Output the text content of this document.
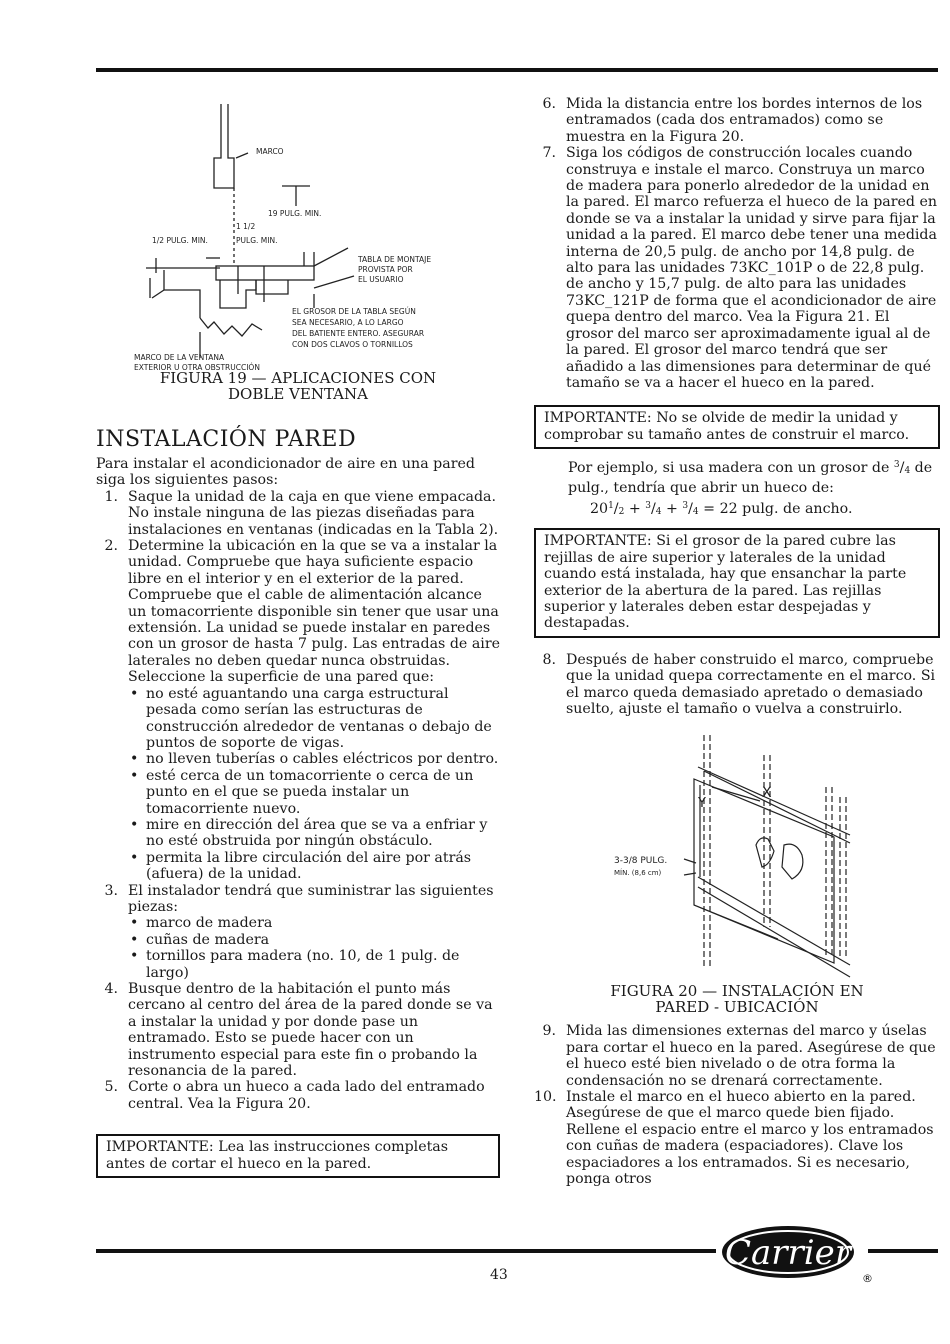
MARCO
19 PULG. MIN.
1 1/2
1/2 PULG. MIN.	PULG. MIN.
TABLA DE MONTAJE
PROVISTA POR
EL USUARIO
EL GROSOR DE LA TABLA SEGÚN
SEA NECESARIO, A LO LARGO
DEL BATIENTE ENTERO. ASEGURAR
CON DOS CLAVOS O TORNILLOS
MARCO DE LA VENTANA
EXTERIOR U OTRA OBSTRUCCIÓN
FIGURA 19 — APLICACIONES CON
DOBLE VENTANA
INSTALACIÓN PARED

Para instalar el acondicionador de aire en una pared siga los siguientes pasos:

1. Saque la unidad de la caja en que viene empacada. No instale ninguna de las piezas diseñadas para instalaciones en ventanas (indicadas en la Tabla 2).
2. Determine la ubicación en la que se va a instalar la unidad. Compruebe que haya suficiente espacio libre en el interior y en el exterior de la pared. Compruebe que el cable de alimentación alcance un tomacorriente disponible sin tener que usar una extensión. La unidad se puede instalar en paredes con un grosor de hasta 7 pulg. Las entradas de aire laterales no deben quedar nunca obstruidas. Seleccione la superficie de una pared que:
• no esté aguantando una carga estructural pesada como serían las estructuras de construcción alrededor de ventanas o debajo de puntos de soporte de vigas.
• no lleven tuberías o cables eléctricos por dentro.
• esté cerca de un tomacorriente o cerca de un punto en el que se pueda instalar un tomacorriente nuevo.
• mire en dirección del área que se va a enfriar y no esté obstruida por ningún obstáculo.
• permita la libre circulación del aire por atrás (afuera) de la unidad.
3. El instalador tendrá que suministrar las siguientes piezas:
• marco de madera
• cuñas de madera
• tornillos para madera (no. 10, de 1 pulg. de largo)
4. Busque dentro de la habitación el punto más cercano al centro del área de la pared donde se va a instalar la unidad y por donde pase un entramado. Esto se puede hacer con un instrumento especial para este fin o probando la resonancia de la pared.
5. Corte o abra un hueco a cada lado del entramado central. Vea la Figura 20.
IMPORTANTE: Lea las instrucciones completas antes de cortar el hueco en la pared.
6. Mida la distancia entre los bordes internos de los entramados (cada dos entramados) como se muestra en la Figura 20.
7. Siga los códigos de construcción locales cuando construya e instale el marco. Construya un marco de madera para ponerlo alrededor de la unidad en la pared. El marco refuerza el hueco de la pared en donde se va a instalar la unidad y sirve para fijar la unidad a la pared. El marco debe tener una medida interna de 20,5 pulg. de ancho por 14,8 pulg. de alto para las unidades 73KC_101P o de 22,8 pulg. de ancho y 15,7 pulg. de alto para las unidades 73KC_121P de forma que el acondicionador de aire quepa dentro del marco. Vea la Figura 21. El grosor del marco ser aproximadamente igual al de la pared. El grosor del marco tendrá que ser añadido a las dimensiones para determinar de qué tamaño se va a hacer el hueco en la pared.
IMPORTANTE: No se olvide de medir la unidad y comprobar su tamaño antes de construir el marco.

Por ejemplo, si usa madera con un grosor de $^3$/4 de pulg., tendría que abrir un hueco de:

$20^1/2 + ^3/4 + ^3/4 = 22$ pulg. de ancho.

IMPORTANTE: Si el grosor de la pared cubre las rejillas de aire superior y laterales de la unidad cuando está instalada, hay que ensanchar la parte exterior de la abertura de la pared. Las rejillas superior y laterales deben estar despejadas y destapadas.
8. Después de haber construido el marco, compruebe que la unidad quepa correctamente en el marco. Si el marco queda demasiado apretado o demasiado suelto, ajuste el tamaño o vuelva a construirlo.
X
Y
3-3/8 PULG.
MÍN. (8,6 cm)
FIGURA 20 — INSTALACIÓN EN
PARED - UBICACIÓN
9. Mida las dimensiones externas del marco y úselas para cortar el hueco en la pared. Asegúrese de que el hueco esté bien nivelado o de otra forma la condensación no se drenará correctamente.
10. Instale el marco en el hueco abierto en la pared. Asegúrese de que el marco quede bien fijado. Rellene el espacio entre el marco y los entramados con cuñas de madera (espaciadores). Clave los espaciadores a los entramados. Si es necesario, ponga otros
43
Carrier
®
